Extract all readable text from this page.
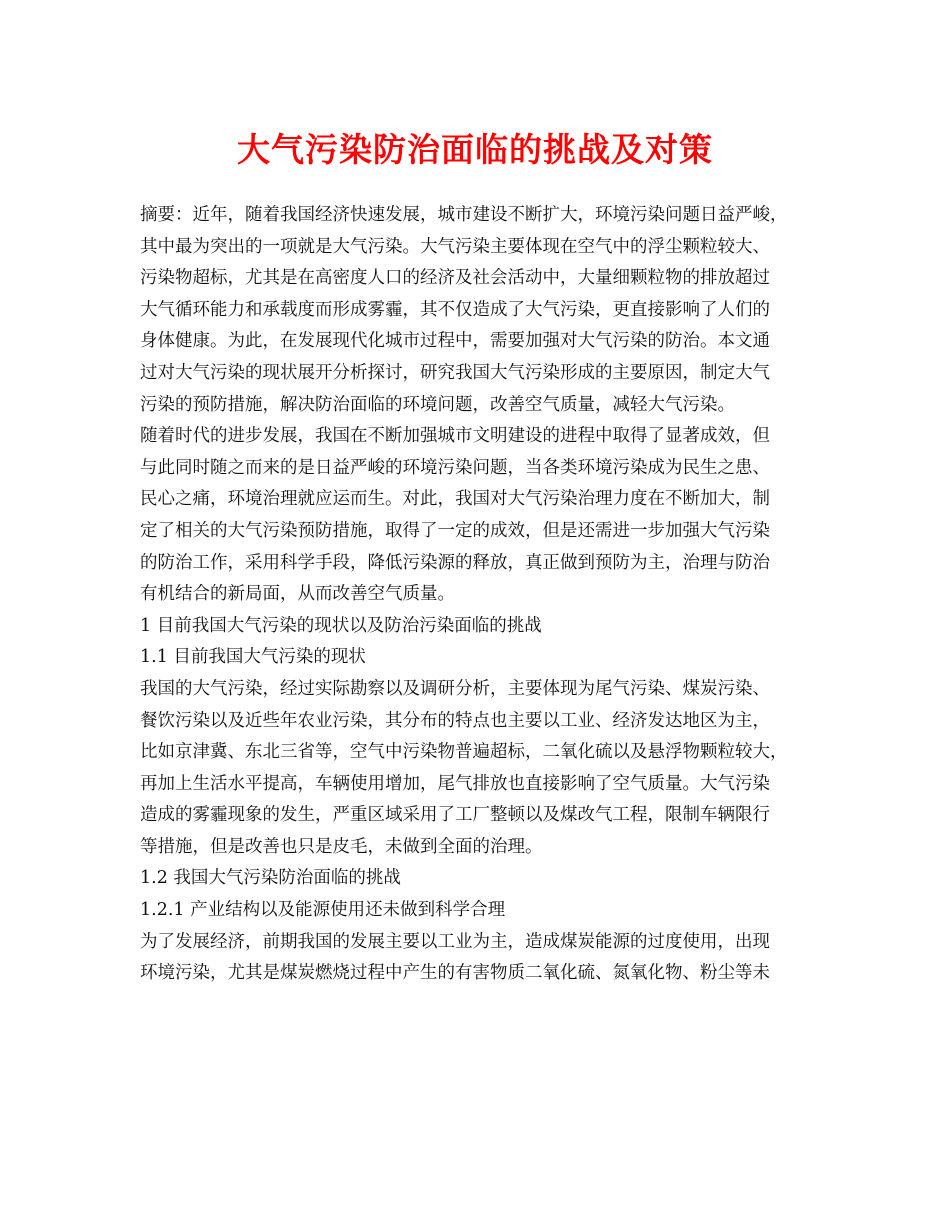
大气污染防治面临的挑战及对策
摘要：近年，随着我国经济快速发展，城市建设不断扩大，环境污染问题日益严峻，
其中最为突出的一项就是大气污染。大气污染主要体现在空气中的浮尘颗粒较大、
污染物超标，尤其是在高密度人口的经济及社会活动中，大量细颗粒物的排放超过
大气循环能力和承载度而形成雾霾，其不仅造成了大气污染，更直接影响了人们的
身体健康。为此，在发展现代化城市过程中，需要加强对大气污染的防治。本文通
过对大气污染的现状展开分析探讨，研究我国大气污染形成的主要原因，制定大气
污染的预防措施，解决防治面临的环境问题，改善空气质量，减轻大气污染。
随着时代的进步发展，我国在不断加强城市文明建设的进程中取得了显著成效，但
与此同时随之而来的是日益严峻的环境污染问题，当各类环境污染成为民生之患、
民心之痛，环境治理就应运而生。对此，我国对大气污染治理力度在不断加大，制
定了相关的大气污染预防措施，取得了一定的成效，但是还需进一步加强大气污染
的防治工作，采用科学手段，降低污染源的释放，真正做到预防为主，治理与防治
有机结合的新局面，从而改善空气质量。
1 目前我国大气污染的现状以及防治污染面临的挑战
1.1 目前我国大气污染的现状
我国的大气污染，经过实际勘察以及调研分析，主要体现为尾气污染、煤炭污染、
餐饮污染以及近些年农业污染，其分布的特点也主要以工业、经济发达地区为主，
比如京津冀、东北三省等，空气中污染物普遍超标，二氧化硫以及悬浮物颗粒较大，
再加上生活水平提高，车辆使用增加，尾气排放也直接影响了空气质量。大气污染
造成的雾霾现象的发生，严重区域采用了工厂整顿以及煤改气工程，限制车辆限行
等措施，但是改善也只是皮毛，未做到全面的治理。
1.2 我国大气污染防治面临的挑战
1.2.1 产业结构以及能源使用还未做到科学合理
为了发展经济，前期我国的发展主要以工业为主，造成煤炭能源的过度使用，出现
环境污染，尤其是煤炭燃烧过程中产生的有害物质二氧化硫、氮氧化物、粉尘等未
